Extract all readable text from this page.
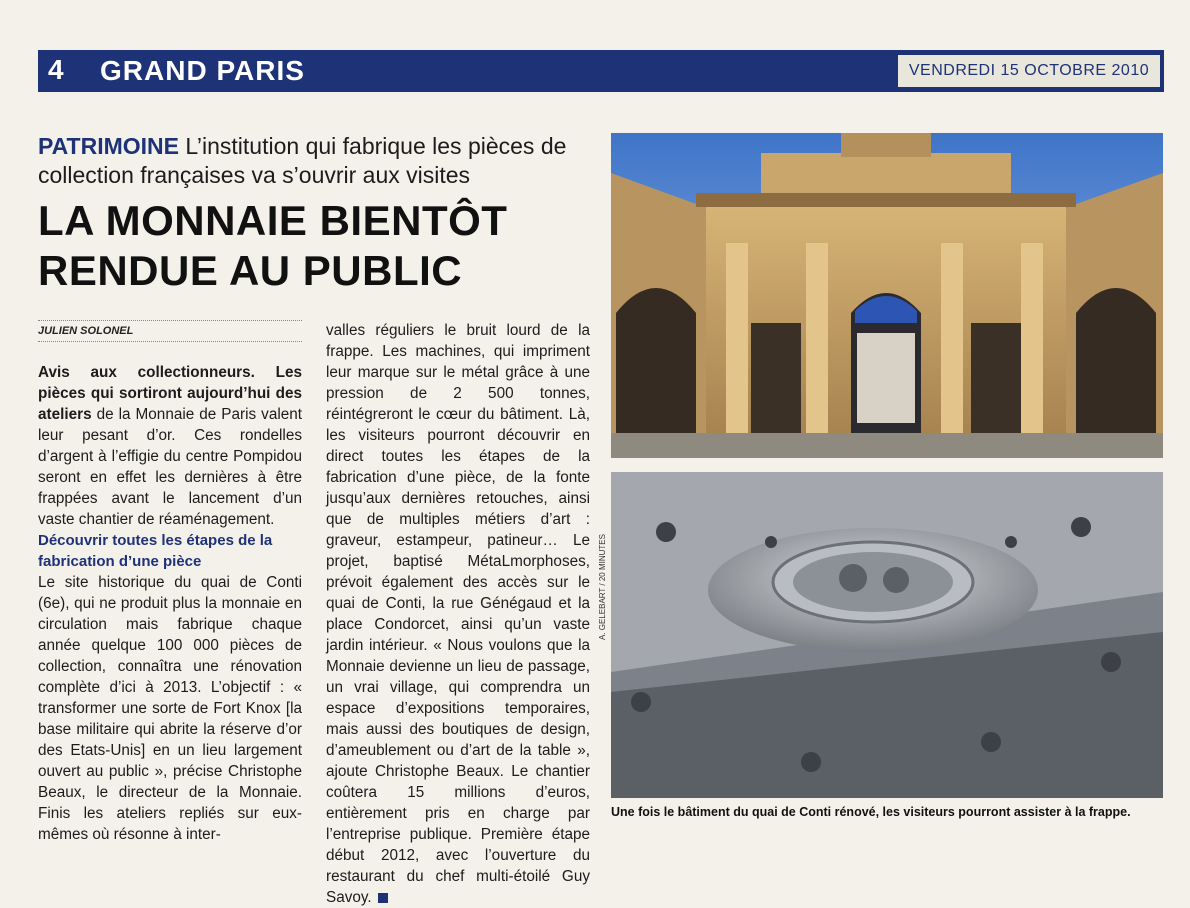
4 GRAND PARIS	VENDREDI 15 OCTOBRE 2010
PATRIMOINE L’institution qui fabrique les pièces de collection françaises va s’ouvrir aux visites
LA MONNAIE BIENTÔT
RENDUE AU PUBLIC
JULIEN SOLONEL

Avis aux collectionneurs. Les pièces qui sortiront aujourd’hui des ateliers de la Monnaie de Paris valent leur pesant d’or. Ces rondelles d’argent à l’effigie du centre Pompidou seront en effet les dernières à être frappées avant le lancement d’un vaste chantier de réaménagement.

Découvrir toutes les étapes de la fabrication d’une pièce

Le site historique du quai de Conti (6e), qui ne produit plus la monnaie en circulation mais fabrique chaque année quelque 100 000 pièces de collection, connaîtra une rénovation complète d’ici à 2013. L’objectif : « transformer une sorte de Fort Knox [la base militaire qui abrite la réserve d’or des Etats-Unis] en un lieu largement ouvert au public », précise Christophe Beaux, le directeur de la Monnaie. Finis les ateliers repliés sur eux-mêmes où résonne à inter-

valles réguliers le bruit lourd de la frappe. Les machines, qui impriment leur marque sur le métal grâce à une pression de 2 500 tonnes, réintégreront le cœur du bâtiment. Là, les visiteurs pourront découvrir en direct toutes les étapes de la fabrication d’une pièce, de la fonte jusqu’aux dernières retouches, ainsi que de multiples métiers d’art : graveur, estampeur, patineur… Le projet, baptisé MétaLmorphoses, prévoit également des accès sur le quai de Conti, la rue Génégaud et la place Condorcet, ainsi qu’un vaste jardin intérieur. « Nous voulons que la Monnaie devienne un lieu de passage, un vrai village, qui comprendra un espace d’expositions temporaires, mais aussi des boutiques de design, d’ameublement ou d’art de la table », ajoute Christophe Beaux. Le chantier coûtera 15 millions d’euros, entièrement pris en charge par l’entreprise publique. Première étape début 2012, avec l’ouverture du restaurant du chef multi-étoilé Guy Savoy.

A. GELEBART / 20 MINUTES
Une fois le bâtiment du quai de Conti rénové, les visiteurs pourront assister à la frappe.
